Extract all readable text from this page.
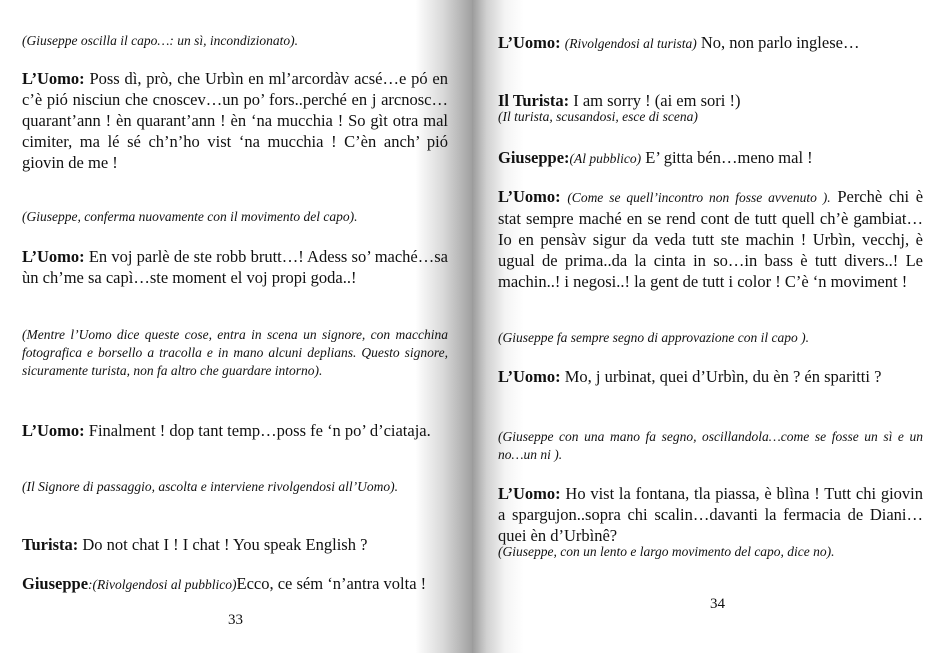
(Giuseppe oscilla il capo…: un sì, incondizionato).

L’Uomo: Poss dì, prò, che Urbìn en ml’arcordàv acsé…e pó en c’è pió nisciun che cnoscev…un po’ fors..perché en j arcnosc…quarant’ann ! èn quarant’ann ! èn ‘na mucchia ! So gìt otra mal cimiter, ma lé sé ch’n’ho vist ‘na mucchia ! C’èn anch’ pió giovin de me !

(Giuseppe, conferma nuovamente con il movimento del capo).

L’Uomo: En voj parlè de ste robb brutt…! Adess so’ maché…sa ùn ch’me sa capì…ste moment el voj propi goda..!

(Mentre l’Uomo dice queste cose, entra in scena un signore, con macchina fotografica e borsello a tracolla e in mano alcuni deplians. Questo signore, sicuramente turista, non fa altro che guardare intorno).

L’Uomo: Finalment ! dop tant temp…poss fe ‘n po’ d’ciataja.

(Il Signore di passaggio, ascolta e interviene rivolgendosi all’Uomo).

Turista: Do not chat I ! I chat ! You speak English ?

Giuseppe:(Rivolgendosi al pubblico)Ecco, ce sém ‘n’antra volta !

33

L’Uomo: (Rivolgendosi al turista) No, non parlo inglese…

Il Turista: I am sorry ! (ai em sori !)

(Il turista, scusandosi, esce di scena)

Giuseppe:(Al pubblico) E’ gitta bén…meno mal !

L’Uomo: (Come se quell’incontro non fosse avvenuto ). Perchè chi è stat sempre maché en se rend cont de tutt quell ch’è gambiat… Io en pensàv sigur da veda tutt ste machin ! Urbìn, vecchj, è ugual de prima..da la cinta in so…in bass è tutt divers..! Le machin..! i negosi..! la gent de tutt i color ! C’è ‘n moviment !

(Giuseppe fa sempre segno di approvazione con il capo ).

L’Uomo: Mo, j urbinat, quei d’Urbìn, du èn ? én sparitti ?

(Giuseppe con una mano fa segno, oscillandola…come se fosse un sì e un no…un ni ).

L’Uomo: Ho vist la fontana, tla piassa, è blìna ! Tutt chi giovin a spargujon..sopra chi scalin…davanti la fermacia de Diani… quei èn d’Urbìnê?

(Giuseppe, con un lento e largo movimento del capo, dice no).

34
